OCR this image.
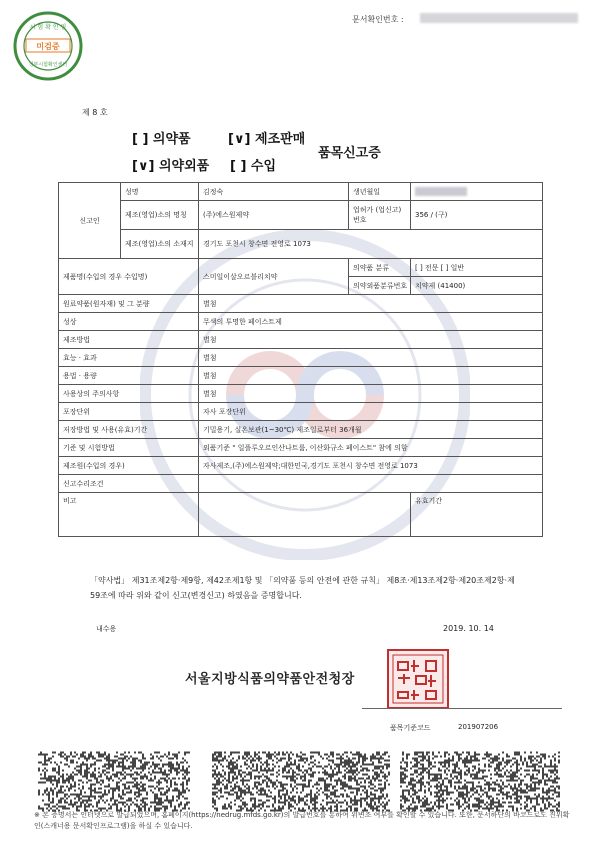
시 험 확 인 필
미검증
정부시험확인센터
문서확인번호 :
제 8 호
[ ] 의약품	[∨] 제조판매
[∨] 의약외품 [ ] 수입
품목신고증
신고인	성명	김정숙	생년월일	
	제조(영업)소의 명칭	(주)에스원제약	업허가 (업신고)번호	356 / (구)
	제조(영업)소의 소재지	경기도 포천시 창수면 전영로 1073		
제품명(수입의 경우 수입명)		스미일이살오르블리치약	의약품 분류	[ ] 전문 [ ] 일반
			의약외품분류번호	치약제 (41400)
원료약품(원자재) 및 그 분량		별첨		
성상		무색의 투명한 페이스트제		
제조방법		별첨		
효능 · 효과		별첨		
용법 · 용량		별첨		
사용상의 주의사항		별첨		
포장단위		자사 포장단위		
저장방법 및 사용(유효)기간		기밀용기, 실온보관(1~30℃) 제조일로부터 36개월		
기준 및 시험방법		외품기준 " 일플루오르인산나트륨, 이산화규소 페이스트" 참에 의함		
제조원(수입의 경우)		자사제조,(주)에스원제약;대한민국,경기도 포천시 창수면 전영로 1073		
신고수리조건				
비고				유효기간
「약사법」 제31조제2항·제9항, 제42조제1항 및 「의약품 등의 안전에 관한 규칙」 제8조·제13조제2항·제20조제2항·제59조에 따라 위와 같이 신고(변경신고) 하였음을 증명합니다.
내수용	2019. 10. 14
서울지방식품의약품안전청장
품목기준코드	201907206
※ 본 증명서는 인터넷으로 발급되었으며, 홈페이지(https://nedrug.mfds.go.kr)의 발급번호를 통하여 위변조 여부를 확인할 수 있습니다. 또한, 문서하단의 바코드로도 진위확인(스캐너용 문서확인프로그램)을 하실 수 있습니다.
